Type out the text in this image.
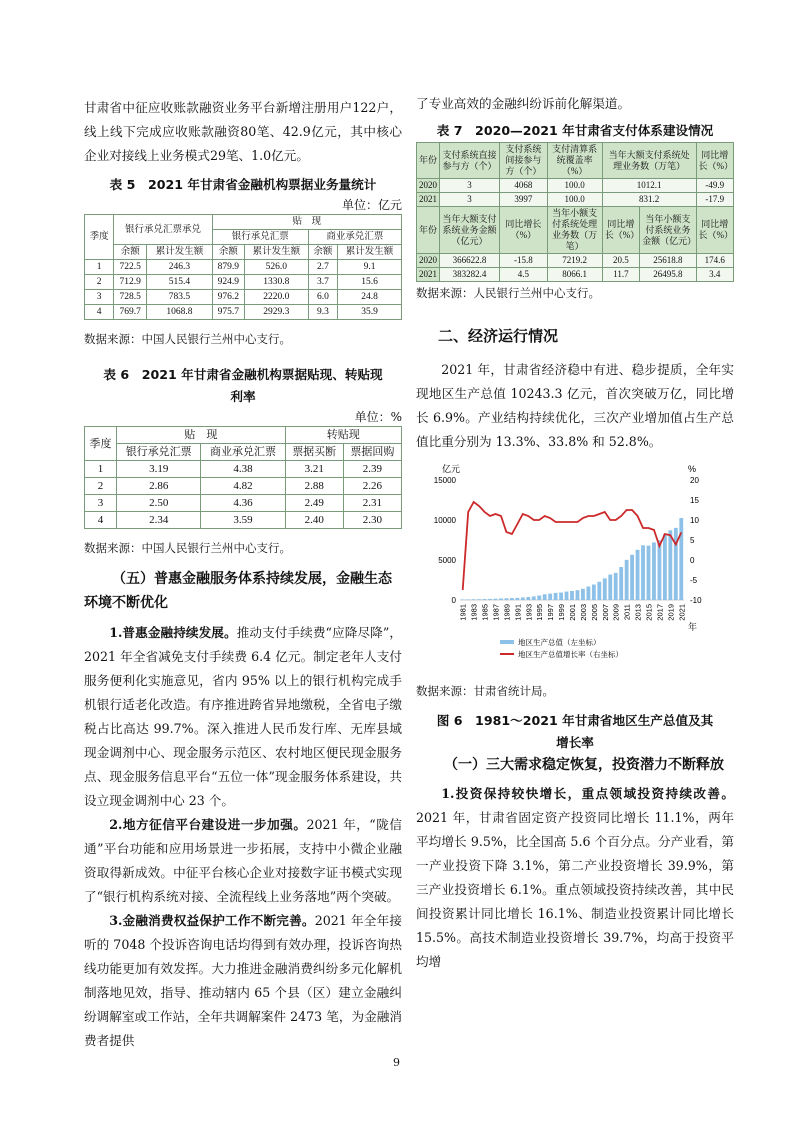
甘肃省中征应收账款融资业务平台新增注册用户122户，线上线下完成应收账款融资80笔、42.9亿元，其中核心企业对接线上业务模式29笔、1.0亿元。

表 5　2021 年甘肃省金融机构票据业务量统计

单位：亿元

季度	银行承兑汇票承兑		贴　现			
			银行承兑汇票		商业承兑汇票	
	余额	累计发生额	余额	累计发生额	余额	累计发生额
1	722.5	246.3	879.9	526.0	2.7	9.1
2	712.9	515.4	924.9	1330.8	3.7	15.6
3	728.5	783.5	976.2	2220.0	6.0	24.8
4	769.7	1068.8	975.7	2929.3	9.3	35.9

数据来源：中国人民银行兰州中心支行。

表 6　2021 年甘肃省金融机构票据贴现、转贴现

利率

单位：%

季度	贴　现		转贴现	
	银行承兑汇票	商业承兑汇票	票据买断	票据回购
1	3.19	4.38	3.21	2.39
2	2.86	4.82	2.88	2.26
3	2.50	4.36	2.49	2.31
4	2.34	3.59	2.40	2.30

数据来源：中国人民银行兰州中心支行。

（五）普惠金融服务体系持续发展，金融生态环境不断优化

1.普惠金融持续发展。推动支付手续费“应降尽降”，2021 年全省减免支付手续费 6.4 亿元。制定老年人支付服务便利化实施意见，省内 95% 以上的银行机构完成手机银行适老化改造。有序推进跨省异地缴税，全省电子缴税占比高达 99.7%。深入推进人民币发行库、无库县域现金调剂中心、现金服务示范区、农村地区便民现金服务点、现金服务信息平台“五位一体”现金服务体系建设，共设立现金调剂中心 23 个。

2.地方征信平台建设进一步加强。2021 年，“陇信通”平台功能和应用场景进一步拓展，支持中小微企业融资取得新成效。中征平台核心企业对接数字证书模式实现了“银行机构系统对接、全流程线上业务落地”两个突破。

3.金融消费权益保护工作不断完善。2021 年全年接听的 7048 个投诉咨询电话均得到有效办理，投诉咨询热线功能更加有效发挥。大力推进金融消费纠纷多元化解机制落地见效，指导、推动辖内 65 个县（区）建立金融纠纷调解室或工作站，全年共调解案件 2473 笔，为金融消费者提供

了专业高效的金融纠纷诉前化解渠道。

表 7　2020—2021 年甘肃省支付体系建设情况

年份	支付系统直接参与方（个）	支付系统间接参与方（个）	支付清算系统覆盖率（%）	当年大额支付系统处理业务数（万笔）		同比增长（%）
2020	3	4068	100.0	1012.1		-49.9
2021	3	3997	100.0	831.2		-17.9
年份	当年大额支付系统业务金额（亿元）	同比增长（%）	当年小额支付系统处理业务数（万笔）	同比增长（%）	当年小额支付系统业务金额（亿元）	同比增长（%）
2020	366622.8	-15.8	7219.2	20.5	25618.8	174.6
2021	383282.4	4.5	8066.1	11.7	26495.8	3.4

数据来源：人民银行兰州中心支行。

二、经济运行情况

2021 年，甘肃省经济稳中有进、稳步提质，全年实现地区生产总值 10243.3 亿元，首次突破万亿，同比增长 6.9%。产业结构持续优化，三次产业增加值占生产总值比重分别为 13.3%、33.8% 和 52.8%。

亿元	%
15000
10000
5000
0
20
15
10
5
0
-5
-10
1981 1983 1985 1987 1989 1991 1993 1995 1997 1999 2001 2003 2005 2007 2009 2011 2013 2015 2017 2019 2021
年
地区生产总值（左坐标）
地区生产总值增长率（右坐标）

数据来源：甘肃省统计局。

图 6　1981～2021 年甘肃省地区生产总值及其

增长率

（一）三大需求稳定恢复，投资潜力不断释放

1.投资保持较快增长，重点领域投资持续改善。2021 年，甘肃省固定资产投资同比增长 11.1%，两年平均增长 9.5%，比全国高 5.6 个百分点。分产业看，第一产业投资下降 3.1%，第二产业投资增长 39.9%，第三产业投资增长 6.1%。重点领域投资持续改善，其中民间投资累计同比增长 16.1%、制造业投资累计同比增长 15.5%。高技术制造业投资增长 39.7%，均高于投资平均增

9
